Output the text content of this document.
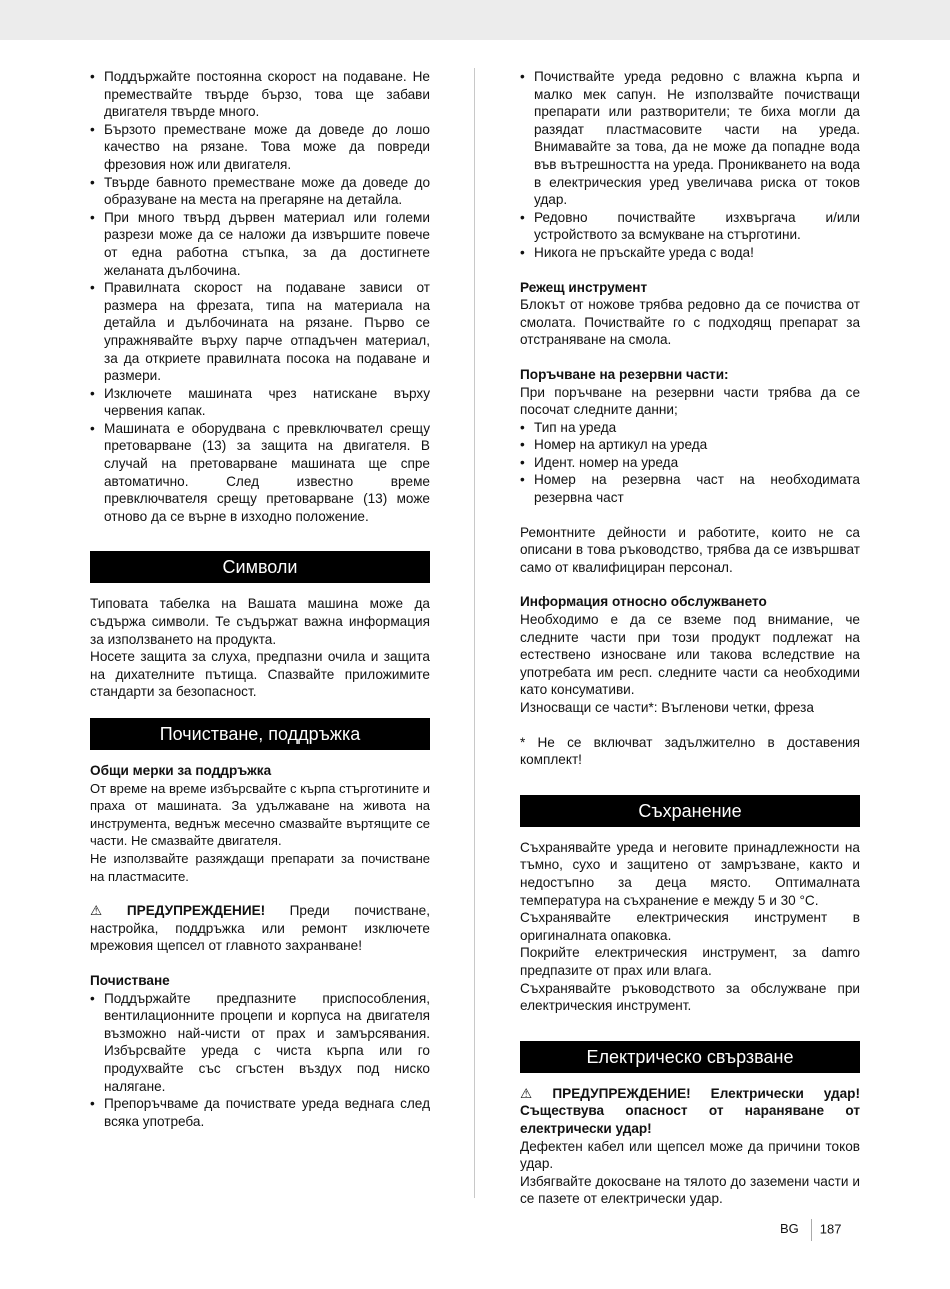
• Поддържайте постоянна скорост на подаване. Не премествайте твърде бързо, това ще забави двигателя твърде много.
• Бързото преместване може да доведе до лошо качество на рязане. Това може да повреди фрезовия нож или двигателя.
• Твърде бавното преместване може да доведе до образуване на места на прегаряне на детайла.
• При много твърд дървен материал или големи разрези може да се наложи да извършите повече от една работна стъпка, за да достигнете желаната дълбочина.
• Правилната скорост на подаване зависи от размера на фрезата, типа на материала на детайла и дълбочината на рязане. Първо се упражнявайте върху парче отпадъчен материал, за да откриете правилната посока на подаване и размери.
• Изключете машината чрез натискане върху червения капак.
• Машината е оборудвана с превключвател срещу претоварване (13) за защита на двигателя. В случай на претоварване машината ще спре автоматично. След известно време превключвателя срещу претоварване (13) може отново да се върне в изходно положение.
Символи

Типовата табелка на Вашата машина може да съдържа символи. Те съдържат важна информация за използването на продукта.

Носете защита за слуха, предпазни очила и защита на дихателните пътища. Спазвайте приложимите стандарти за безопасност.

Почистване, поддръжка
Общи мерки за поддръжка

От време на време избърсвайте с кърпа стърготините и праха от машината. За удължаване на живота на инструмента, веднъж месечно смазвайте въртящите се части. Не смазвайте двигателя.

Не използвайте разяждащи препарати за почистване на пластмасите.

⚠ ПРЕДУПРЕЖДЕНИЕ! Преди почистване, настройка, поддръжка или ремонт изключете мрежовия щепсел от главното захранване!

Почистване
• Поддържайте предпазните приспособления, вентилационните процепи и корпуса на двигателя възможно най-чисти от прах и замърсявания. Избърсвайте уреда с чиста кърпа или го продухвайте със сгъстен въздух под ниско налягане.
• Препоръчваме да почиствате уреда веднага след всяка употреба.
• Почиствайте уреда редовно с влажна кърпа и малко мек сапун. Не използвайте почистващи препарати или разтворители; те биха могли да разядат пластмасовите части на уреда. Внимавайте за това, да не може да попадне вода във вътрешността на уреда. Проникването на вода в електрическия уред увеличава риска от токов удар.
• Редовно почиствайте изхвъргача и/или устройството за всмукване на стърготини.
• Никога не пръскайте уреда с вода!
Режещ инструмент

Блокът от ножове трябва редовно да се почиства от смолата. Почиствайте го с подходящ препарат за отстраняване на смола.

Поръчване на резервни части:

При поръчване на резервни части трябва да се посочат следните данни;

• Тип на уреда
• Номер на артикул на уреда
• Идент. номер на уреда
• Номер на резервна част на необходимата резервна част

Ремонтните дейности и работите, които не са описани в това ръководство, трябва да се извършват само от квалифициран персонал.

Информация относно обслужването

Необходимо е да се вземе под внимание, че следните части при този продукт подлежат на естествено износване или такова вследствие на употребата им респ. следните части са необходими като консумативи.

Износващи се части*: Въгленови четки, фреза

* Не се включват задължително в доставения комплект!

Съхранение

Съхранявайте уреда и неговите принадлежности на тъмно, сухо и защитено от замръзване, както и недостъпно за деца място. Оптималната температура на съхранение е между 5 и 30 °C.

Съхранявайте електрическия инструмент в оригиналната опаковка.

Покрийте електрическия инструмент, за damro предпазите от прах или влага.

Съхранявайте ръководството за обслужване при електрическия инструмент.

Електрическо свързване

⚠ ПРЕДУПРЕЖДЕНИЕ! Електрически удар! Съществува опасност от нараняване от електрически удар!

Дефектен кабел или щепсел може да причини токов удар.

Избягвайте докосване на тялото до заземени части и се пазете от електрически удар.

BG 187
